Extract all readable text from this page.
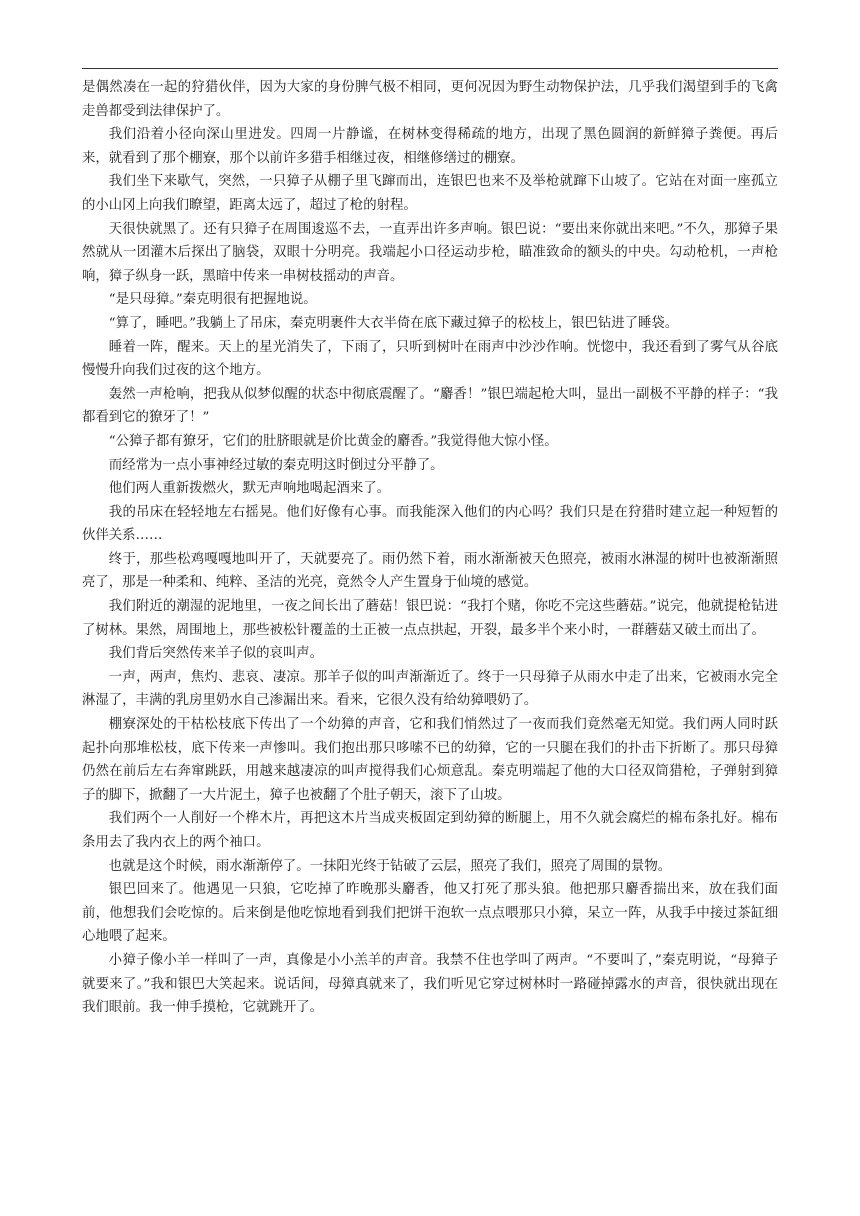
是偶然凑在一起的狩猎伙伴，因为大家的身份脾气极不相同，更何况因为野生动物保护法，几乎我们渴望到手的飞禽走兽都受到法律保护了。

我们沿着小径向深山里进发。四周一片静谧，在树林变得稀疏的地方，出现了黑色圆润的新鲜獐子粪便。再后来，就看到了那个棚寮，那个以前许多猎手相继过夜，相继修缮过的棚寮。

我们坐下来歇气，突然，一只獐子从棚子里飞蹿而出，连银巴也来不及举枪就蹿下山坡了。它站在对面一座孤立的小山冈上向我们瞭望，距离太远了，超过了枪的射程。

天很快就黑了。还有只獐子在周围逡巡不去，一直弄出许多声响。银巴说：“要出来你就出来吧。”不久，那獐子果然就从一团灌木后探出了脑袋，双眼十分明亮。我端起小口径运动步枪，瞄准致命的额头的中央。勾动枪机，一声枪响，獐子纵身一跃，黑暗中传来一串树枝摇动的声音。

“是只母獐。”秦克明很有把握地说。

“算了，睡吧。”我躺上了吊床，秦克明裹件大衣半倚在底下藏过獐子的松枝上，银巴钻进了睡袋。

睡着一阵，醒来。天上的星光消失了，下雨了，只听到树叶在雨声中沙沙作响。恍惚中，我还看到了雾气从谷底慢慢升向我们过夜的这个地方。

轰然一声枪响，把我从似梦似醒的状态中彻底震醒了。“麝香！”银巴端起枪大叫，显出一副极不平静的样子：“我都看到它的獠牙了！”

“公獐子都有獠牙，它们的肚脐眼就是价比黄金的麝香。”我觉得他大惊小怪。

而经常为一点小事神经过敏的秦克明这时倒过分平静了。

他们两人重新拨燃火，默无声响地喝起酒来了。

我的吊床在轻轻地左右摇晃。他们好像有心事。而我能深入他们的内心吗？我们只是在狩猎时建立起一种短暂的伙伴关系……

终于，那些松鸡嘎嘎地叫开了，天就要亮了。雨仍然下着，雨水渐渐被天色照亮，被雨水淋湿的树叶也被渐渐照亮了，那是一种柔和、纯粹、圣洁的光亮，竟然令人产生置身于仙境的感觉。

我们附近的潮湿的泥地里，一夜之间长出了蘑菇！银巴说：“我打个赌，你吃不完这些蘑菇。”说完，他就提枪钻进了树林。果然，周围地上，那些被松针覆盖的土正被一点点拱起，开裂，最多半个来小时，一群蘑菇又破土而出了。

我们背后突然传来羊子似的哀叫声。

一声，两声，焦灼、悲哀、凄凉。那羊子似的叫声渐渐近了。终于一只母獐子从雨水中走了出来，它被雨水完全淋湿了，丰满的乳房里奶水自己渗漏出来。看来，它很久没有给幼獐喂奶了。

棚寮深处的干枯松枝底下传出了一个幼獐的声音，它和我们悄然过了一夜而我们竟然毫无知觉。我们两人同时跃起扑向那堆松枝，底下传来一声惨叫。我们抱出那只哆嗦不已的幼獐，它的一只腿在我们的扑击下折断了。那只母獐仍然在前后左右奔窜跳跃，用越来越凄凉的叫声搅得我们心烦意乱。秦克明端起了他的大口径双筒猎枪，子弹射到獐子的脚下，掀翻了一大片泥土，獐子也被翻了个肚子朝天，滚下了山坡。

我们两个一人削好一个桦木片，再把这木片当成夹板固定到幼獐的断腿上，用不久就会腐烂的棉布条扎好。棉布条用去了我内衣上的两个袖口。

也就是这个时候，雨水渐渐停了。一抹阳光终于钻破了云层，照亮了我们，照亮了周围的景物。

银巴回来了。他遇见一只狼，它吃掉了昨晚那头麝香，他又打死了那头狼。他把那只麝香揣出来，放在我们面前，他想我们会吃惊的。后来倒是他吃惊地看到我们把饼干泡软一点点喂那只小獐，呆立一阵，从我手中接过茶缸细心地喂了起来。

小獐子像小羊一样叫了一声，真像是小小羔羊的声音。我禁不住也学叫了两声。“不要叫了，”秦克明说，“母獐子就要来了。”我和银巴大笑起来。说话间，母獐真就来了，我们听见它穿过树林时一路碰掉露水的声音，很快就出现在我们眼前。我一伸手摸枪，它就跳开了。
